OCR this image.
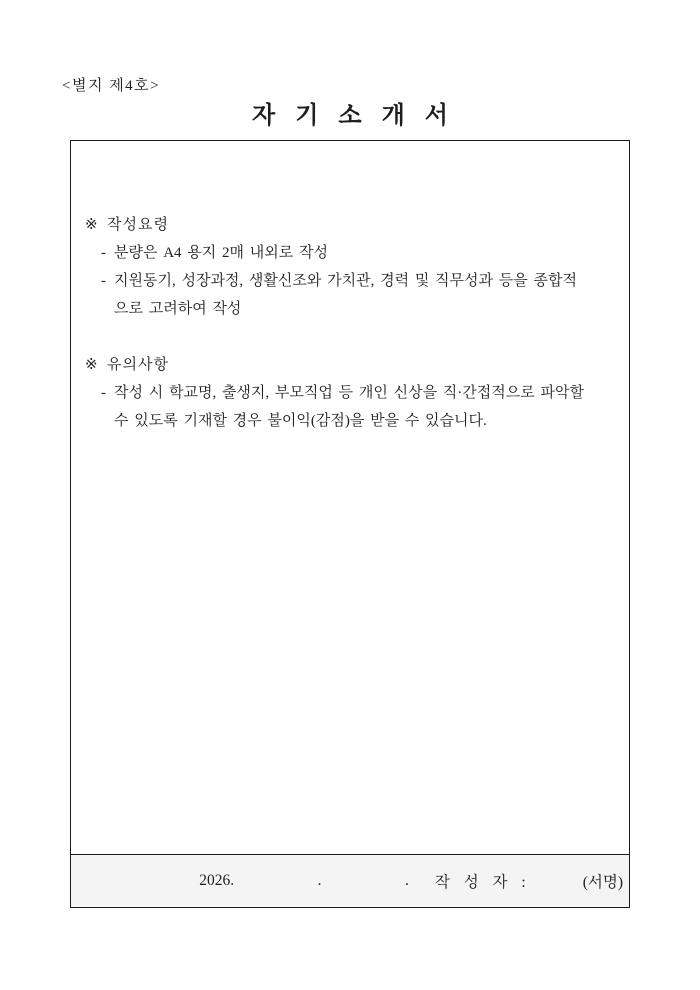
<별지 제4호>
자 기 소 개 서
※ 작성요령
- 분량은 A4 용지 2매 내외로 작성
- 지원동기, 성장과정, 생활신조와 가치관, 경력 및 직무성과 등을 종합적
으로 고려하여 작성
※ 유의사항
- 작성 시 학교명, 출생지, 부모직업 등 개인 신상을 직·간접적으로 파악할
수 있도록 기재할 경우 불이익(감점)을 받을 수 있습니다.
2026.    .    . 작 성 자 :	(서명)
